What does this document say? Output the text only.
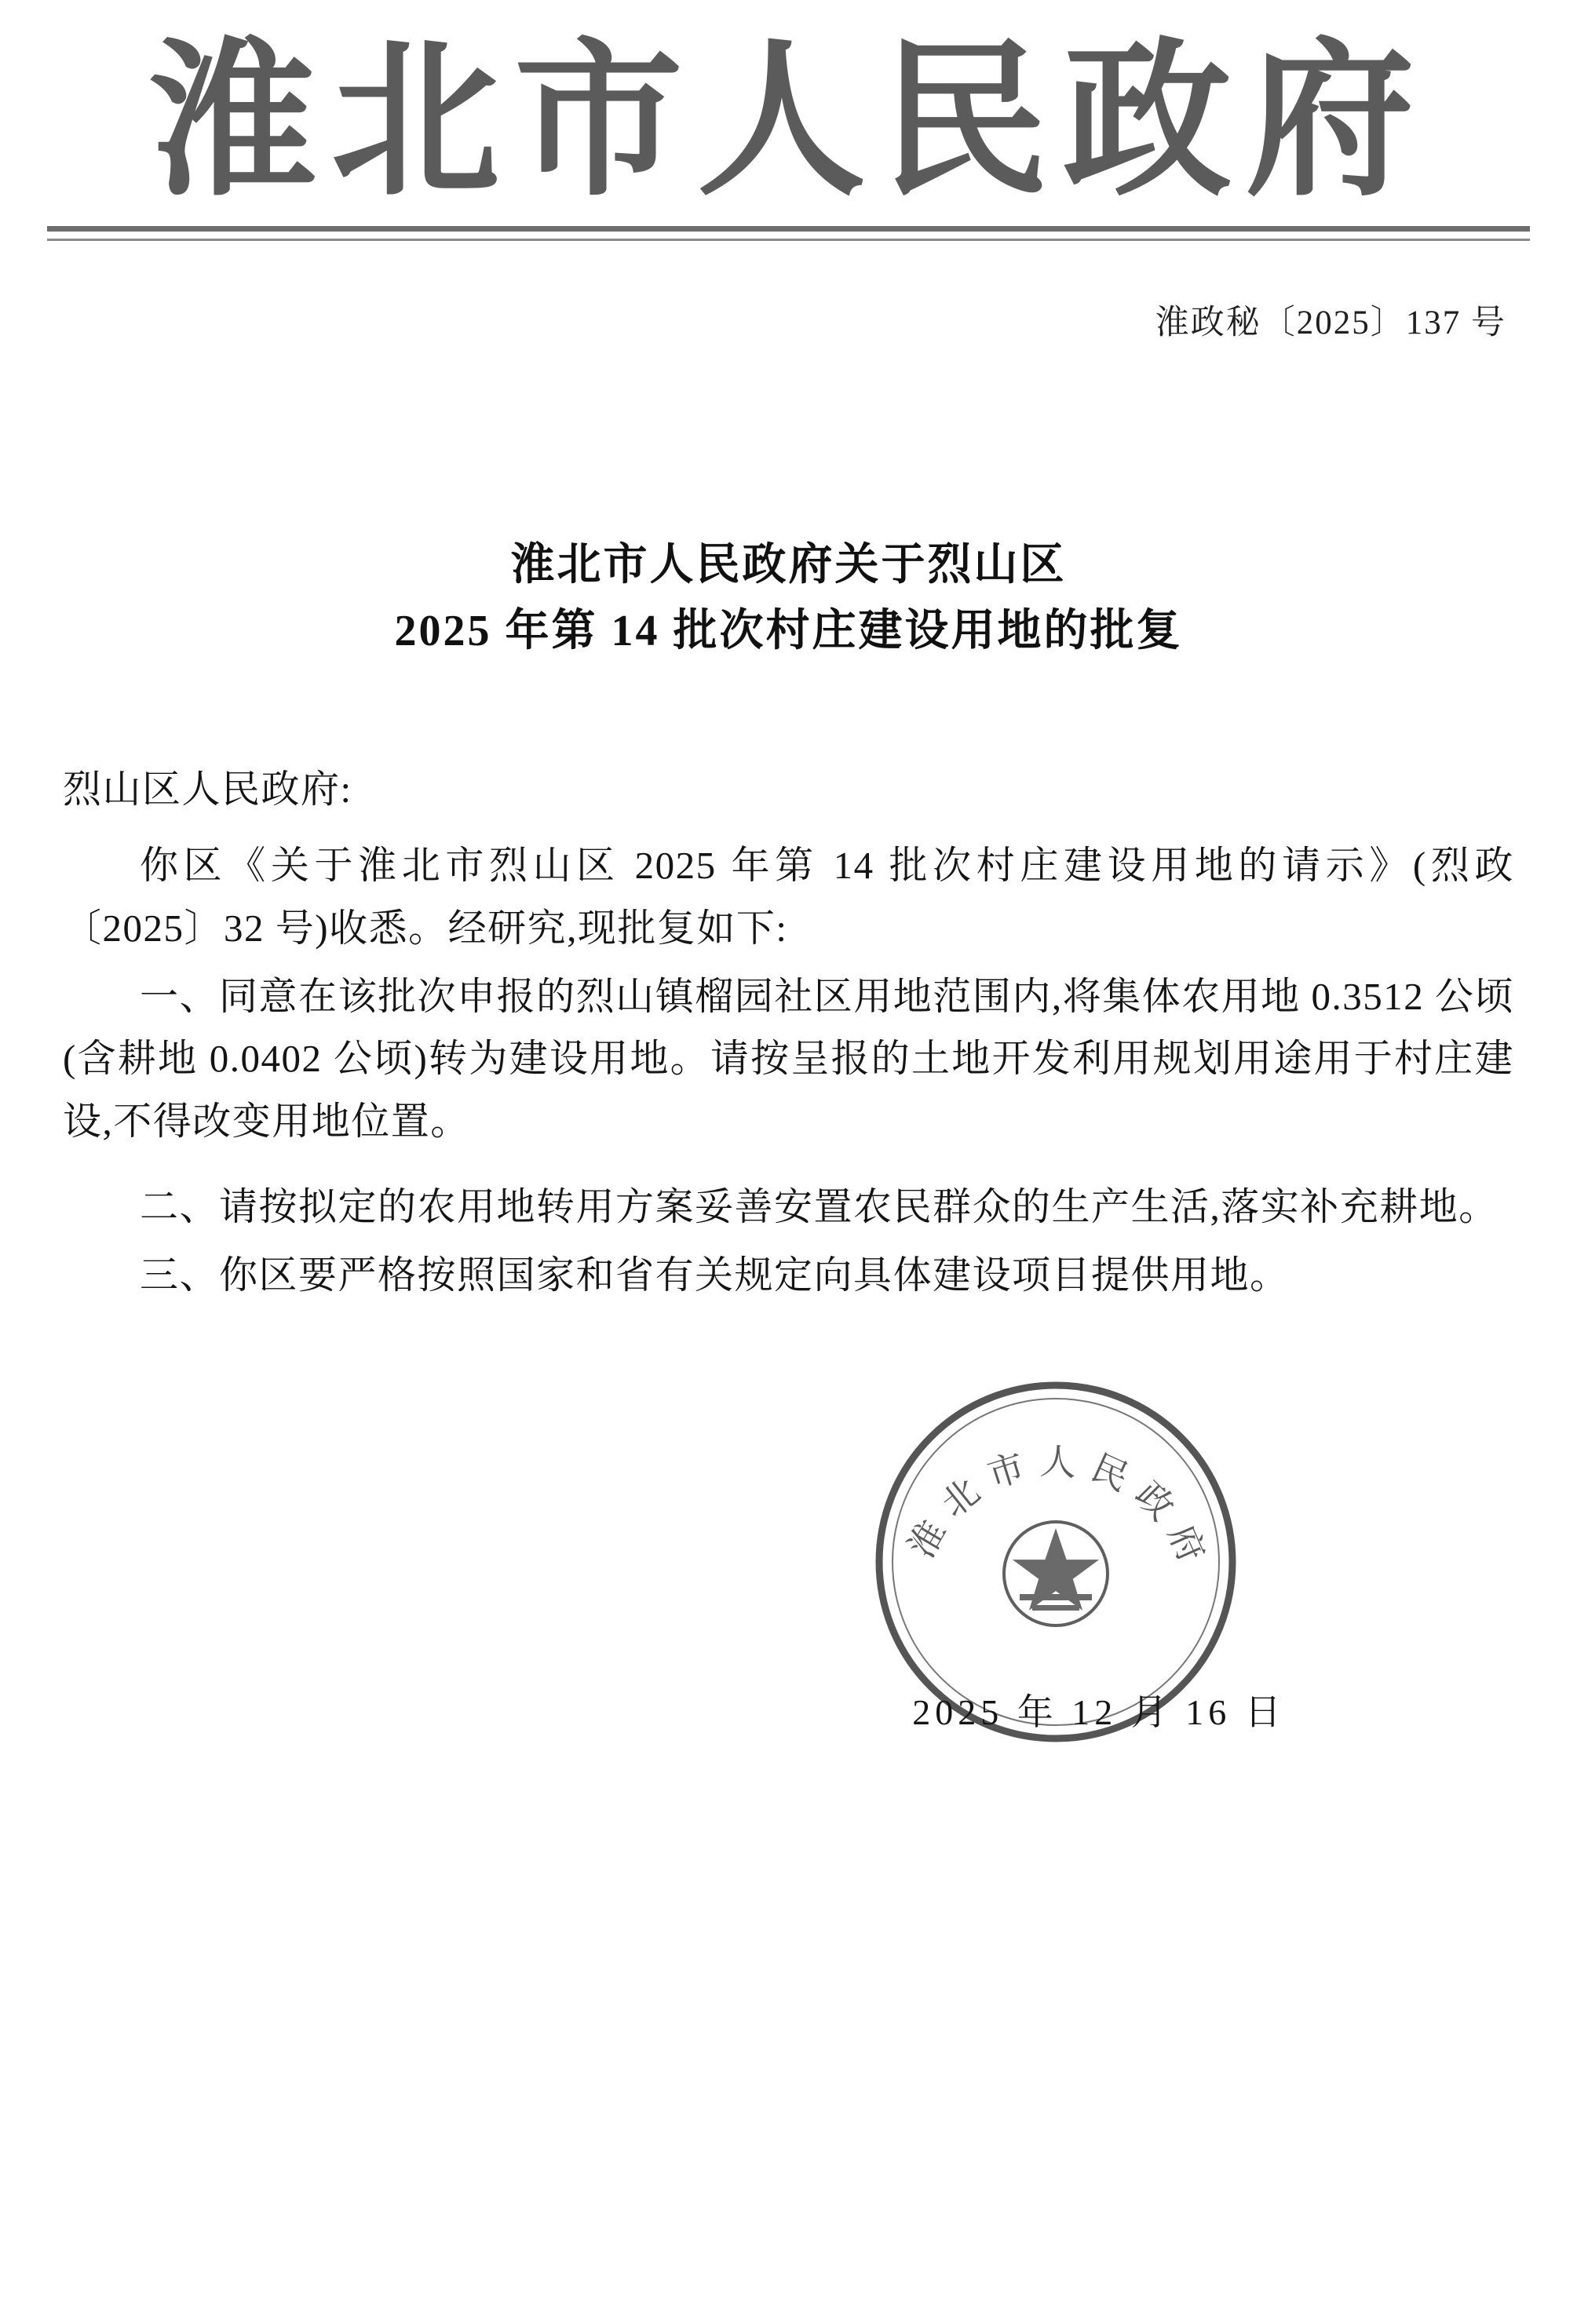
淮北市人民政府
淮政秘〔2025〕137 号
淮北市人民政府关于烈山区
2025 年第 14 批次村庄建设用地的批复
烈山区人民政府:

你区《关于淮北市烈山区 2025 年第 14 批次村庄建设用地的请示》(烈政〔2025〕32 号)收悉。经研究,现批复如下:

一、同意在该批次申报的烈山镇榴园社区用地范围内,将集体农用地 0.3512 公顷(含耕地 0.0402 公顷)转为建设用地。请按呈报的土地开发利用规划用途用于村庄建设,不得改变用地位置。

二、请按拟定的农用地转用方案妥善安置农民群众的生产生活,落实补充耕地。

三、你区要严格按照国家和省有关规定向具体建设项目提供用地。

淮北市人民政府
2025 年 12 月 16 日
